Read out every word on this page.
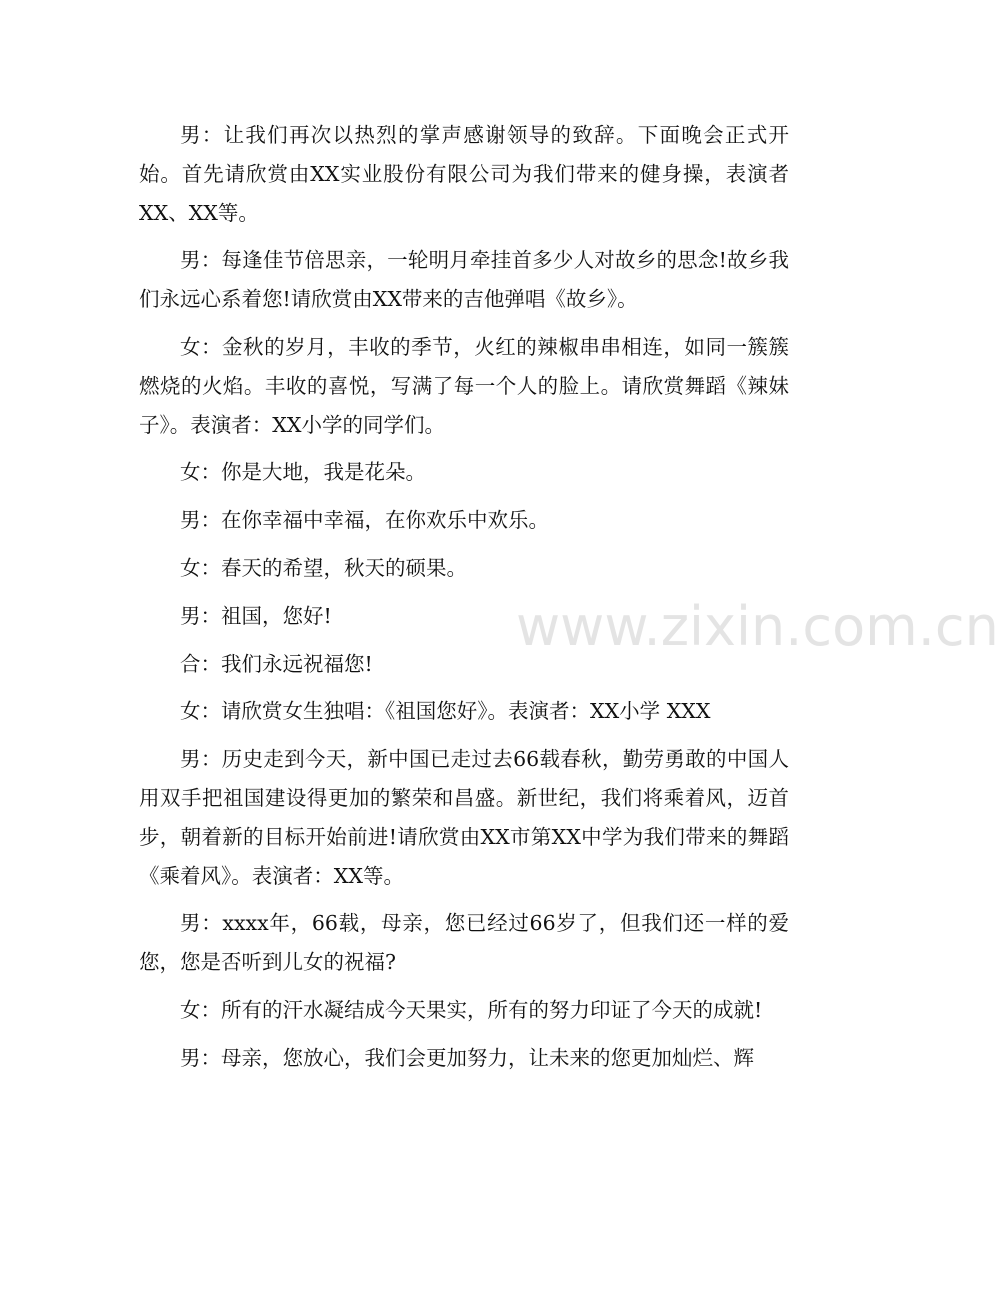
男：让我们再次以热烈的掌声感谢领导的致辞。下面晚会正式开始。首先请欣赏由XX实业股份有限公司为我们带来的健身操，表演者XX、XX等。

男：每逢佳节倍思亲，一轮明月牵挂首多少人对故乡的思念!故乡我们永远心系着您!请欣赏由XX带来的吉他弹唱《故乡》。

女：金秋的岁月，丰收的季节，火红的辣椒串串相连，如同一簇簇燃烧的火焰。丰收的喜悦，写满了每一个人的脸上。请欣赏舞蹈《辣妹子》。表演者：XX小学的同学们。

女：你是大地，我是花朵。

男：在你幸福中幸福，在你欢乐中欢乐。

女：春天的希望，秋天的硕果。

男：祖国，您好!

合：我们永远祝福您!

女：请欣赏女生独唱：《祖国您好》。表演者：XX小学 XXX

男：历史走到今天，新中国已走过去66载春秋，勤劳勇敢的中国人用双手把祖国建设得更加的繁荣和昌盛。新世纪，我们将乘着风，迈首步，朝着新的目标开始前进!请欣赏由XX市第XX中学为我们带来的舞蹈《乘着风》。表演者：XX等。

男：xxxx年，66载，母亲，您已经过66岁了，但我们还一样的爱您，您是否听到儿女的祝福?

女：所有的汗水凝结成今天果实，所有的努力印证了今天的成就!

男：母亲，您放心，我们会更加努力，让未来的您更加灿烂、辉

www.zixin.com.cn
